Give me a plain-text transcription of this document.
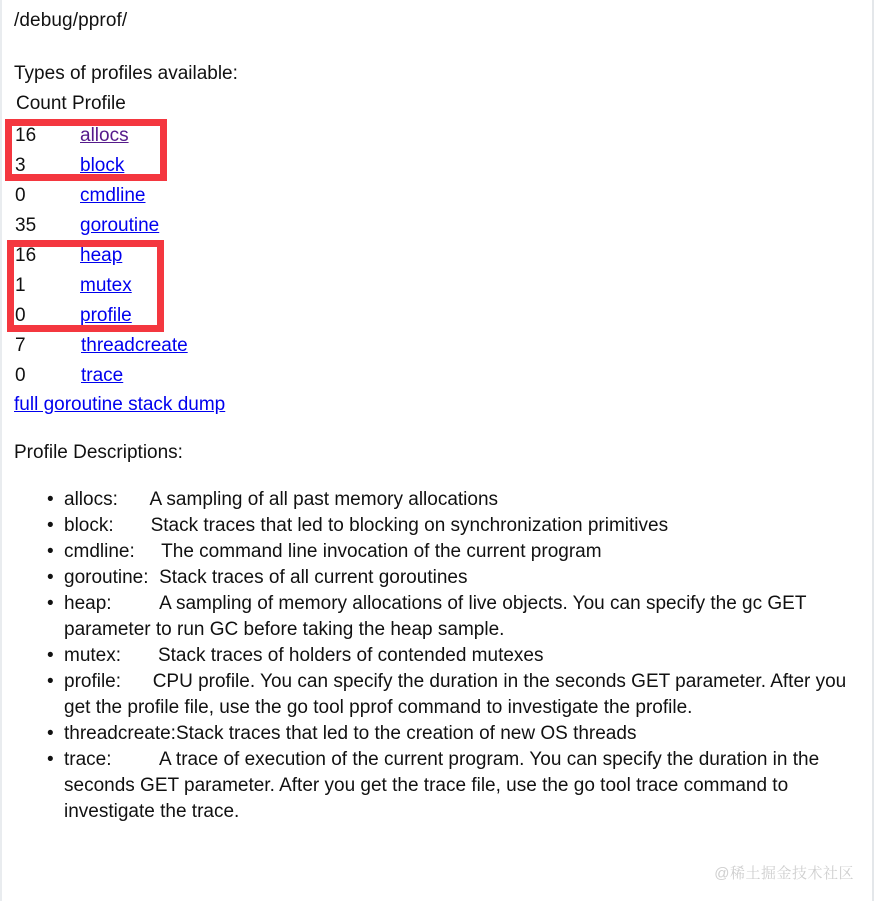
/debug/pprof/
Types of profiles available:
Count Profile
16 allocs
3	block
0	cmdline
35 goroutine
16 heap
1	mutex
0	profile
7	threadcreate
0	trace
full goroutine stack dump
Profile Descriptions:
• allocs:      A sampling of all past memory allocations
• block:       Stack traces that led to blocking on synchronization primitives
• cmdline:     The command line invocation of the current program
• goroutine:  Stack traces of all current goroutines
• heap:         A sampling of memory allocations of live objects. You can specify the gc GET parameter to run GC before taking the heap sample.
• mutex:       Stack traces of holders of contended mutexes
• profile:      CPU profile. You can specify the duration in the seconds GET parameter. After you get the profile file, use the go tool pprof command to investigate the profile.
• threadcreate:Stack traces that led to the creation of new OS threads
• trace:         A trace of execution of the current program. You can specify the duration in the seconds GET parameter. After you get the trace file, use the go tool trace command to investigate the trace.
@稀土掘金技术社区
